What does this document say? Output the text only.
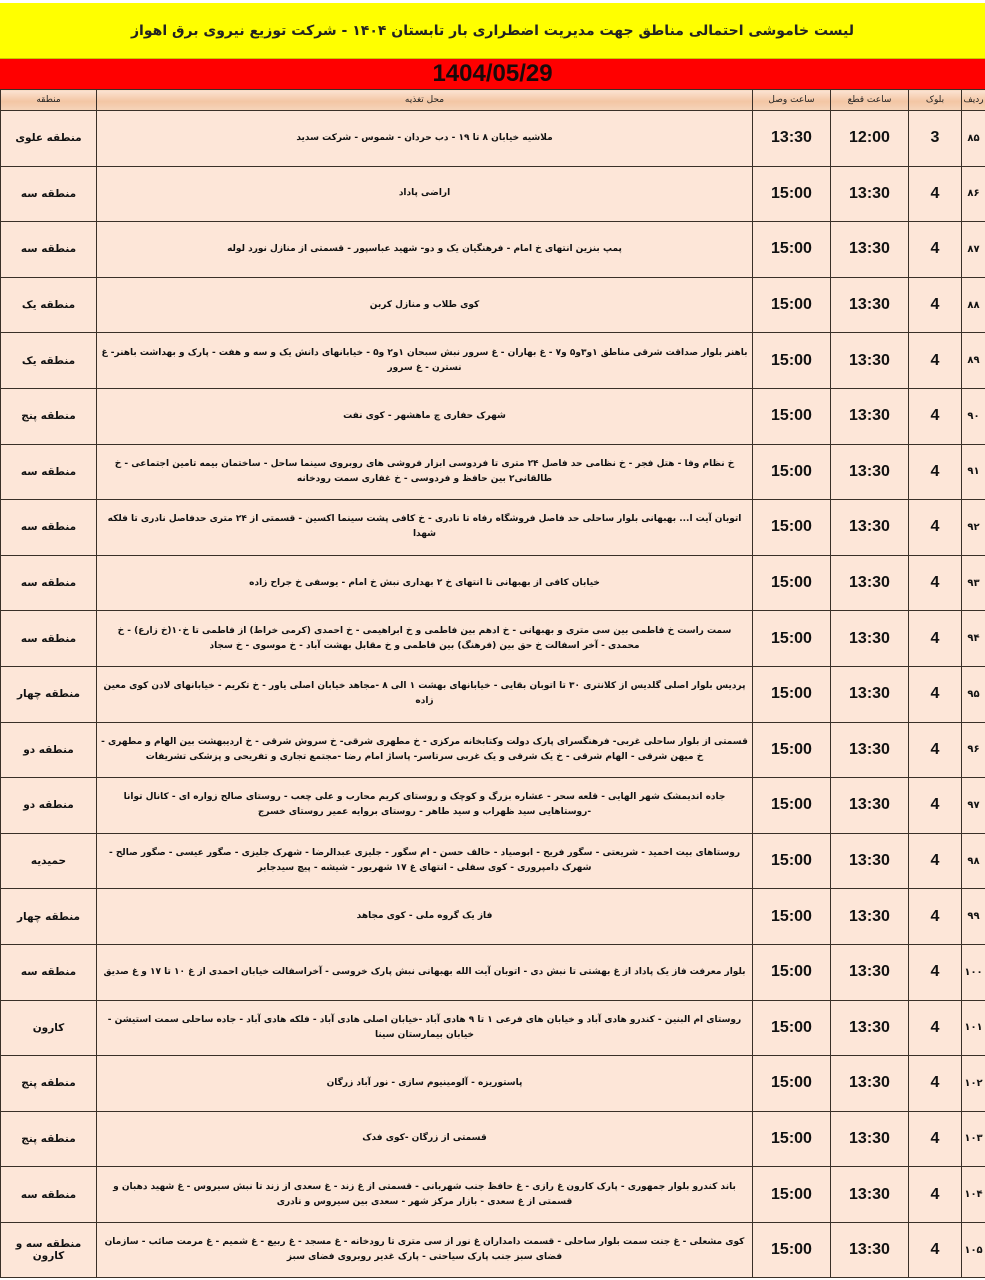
لیست خاموشی احتمالی مناطق جهت مدیریت اضطراری بار تابستان ۱۴۰۴ - شرکت توزیع نیروی برق اهواز
1404/05/29
ردیف	بلوک	ساعت قطع	ساعت وصل	محل تغذیه	منطقه
۸۵	3	12:00	13:30	ملاشیه خیابان ۸ تا ۱۹ - دب حردان - شموس - شرکت سدید	منطقه علوی
۸۶	4	13:30	15:00	اراضی پاداد	منطقه سه
۸۷	4	13:30	15:00	پمپ بنزین انتهای خ امام - فرهنگیان یک و دو- شهید عباسپور - قسمتی از منازل نورد لوله	منطقه سه
۸۸	4	13:30	15:00	کوی طلاب و منازل کربن	منطقه یک
۸۹	4	13:30	15:00	باهنر بلوار صداقت شرقی مناطق ۱و۳و۵ و۷ - غ بهاران - غ سرور نبش سبحان ۱و۲ و۵ - خیابانهای دانش یک و سه و هفت - پارک و بهداشت باهنر- غ نسترن - غ سرور	منطقه یک
۹۰	4	13:30	15:00	شهرک حفاری چ ماهشهر - کوی نفت	منطقه پنج
۹۱	4	13:30	15:00	خ نظام وفا - هتل فجر - خ نظامی حد فاصل ۲۴ متری تا فردوسی ابزار فروشی های روبروی سینما ساحل - ساختمان بیمه تامین اجتماعی - خ طالقانی۲ بین حافظ و فردوسی - خ غفاری سمت رودخانه	منطقه سه
۹۲	4	13:30	15:00	اتوبان آیت ا... بهبهانی بلوار ساحلی حد فاصل فروشگاه رفاه تا نادری - خ کافی پشت سینما اکسین - قسمتی از ۲۴ متری حدفاصل نادری تا فلکه شهدا	منطقه سه
۹۳	4	13:30	15:00	خیابان کافی از بهبهانی تا انتهای خ ۲ بهداری نبش خ امام - یوسفی خ جراح زاده	منطقه سه
۹۴	4	13:30	15:00	سمت راست خ فاطمی بین سی متری و بهبهانی - خ ادهم بین فاطمی و خ ابراهیمی - خ احمدی (کرمی خراط) از فاطمی تا خ۱۰(خ زارع) - خ محمدی - آخر اسفالت خ حق بین (فرهنگ) بین فاطمی و خ مقابل بهشت آباد - خ موسوی - خ سجاد	منطقه سه
۹۵	4	13:30	15:00	پردیس بلوار اصلی گلدیس از کلانتری ۳۰ تا اتوبان بقایی - خیابانهای بهشت ۱ الی ۸ -مجاهد خیابان اصلی یاور - خ تکریم - خیابانهای لادن کوی معین زاده	منطقه چهار
۹۶	4	13:30	15:00	قسمتی از بلوار ساحلی غربی- فرهنگسرای پارک دولت وکتابخانه مرکزی - خ مطهری شرقی- خ سروش شرقی - خ اردیبهشت بین الهام و مطهری - خ میهن شرقی - الهام شرقی - خ یک شرقی و یک غربی سرتاسر- پاساژ امام رضا -مجتمع تجاری و تفریحی و پزشکی تشریفات	منطقه دو
۹۷	4	13:30	15:00	جاده اندیمشک شهر الهایی - قلعه سحر - عشاره بزرگ و کوچک و روستای کریم محارب و علی چعب - روستای صالح زواره ای - کانال توانا -روستاهایی سید ظهراب و سید طاهر - روستای بروایه عمیر روستای خسرج	منطقه دو
۹۸	4	13:30	15:00	روستاهای بیت احمید - شریعتی - سگور فریح - ابوصیاد - حالف حسن - ام سگور - جلیزی عبدالرضا - شهرک جلیزی - صگور عیسی - صگور صالح - شهرک دامپروری - کوی سفلی - انتهای غ ۱۷ شهریور - شیشه - پیچ سیدجابر	حمیدیه
۹۹	4	13:30	15:00	فاز یک گروه ملی - کوی مجاهد	منطقه چهار
۱۰۰	4	13:30	15:00	بلوار معرفت فاز یک پاداد از غ بهشتی تا نبش دی - اتوبان آیت الله بهبهانی نبش پارک خروسی - آخراسفالت خیابان احمدی از غ ۱۰ تا ۱۷ و غ صدیق	منطقه سه
۱۰۱	4	13:30	15:00	روستای ام البنین - کندرو هادی آباد و خیابان های فرعی ۱ تا ۹ هادی آباد -خیابان اصلی هادی آباد - فلکه هادی آباد - جاده ساحلی سمت استیشن - خیابان بیمارستان سینا	کارون
۱۰۲	4	13:30	15:00	پاستوریزه - آلومینیوم سازی - نور آباد زرگان	منطقه پنج
۱۰۳	4	13:30	15:00	قسمتی از زرگان -کوی فدک	منطقه پنج
۱۰۴	4	13:30	15:00	باند کندرو بلوار جمهوری - پارک کارون غ رازی - غ حافظ جنب شهربانی - قسمتی از غ زند - غ سعدی از زند تا نبش سیروس - غ شهید دهبان و قسمتی از غ سعدی - بازار مرکز شهر - سعدی بین سیروس و نادری	منطقه سه
۱۰۵	4	13:30	15:00	کوی مشعلی - غ جنت سمت بلوار ساحلی - قسمت دامداران غ نور از سی متری تا رودخانه - غ مسجد - غ ربیع - غ شمیم - غ مرمت صائب - سازمان فضای سبز جنب پارک سیاحتی - پارک غدیر روبروی فضای سبز	منطقه سه و کارون
